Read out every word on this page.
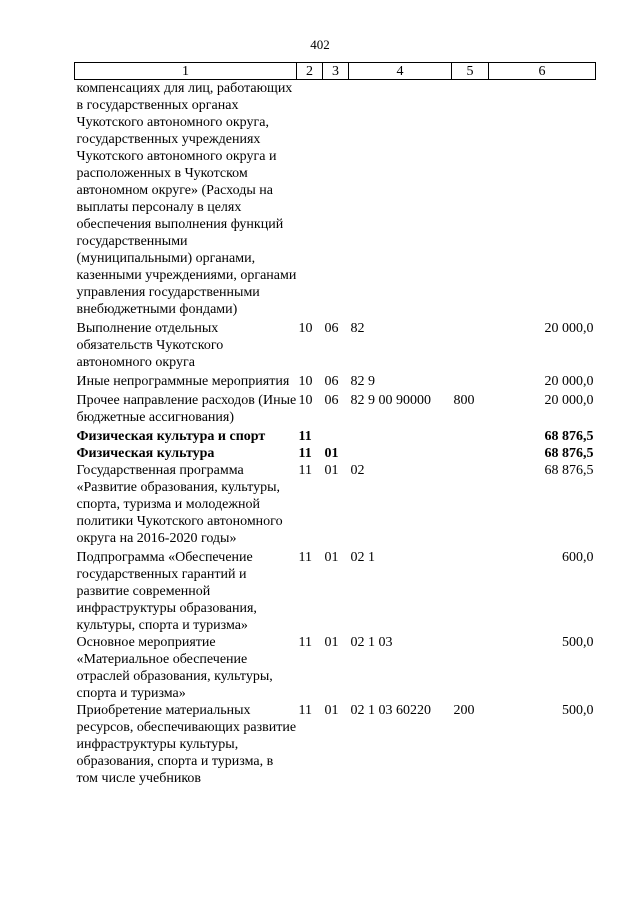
402
1	2	3	4	5	6
компенсациях для лиц, работающих в государственных органах Чукотского автономного округа, государственных учреждениях Чукотского автономного округа и расположенных в Чукотском автономном округе» (Расходы на выплаты персоналу в целях обеспечения выполнения функций государственными (муниципальными) органами, казенными учреждениями, органами управления государственными внебюджетными фондами)					
Выполнение отдельных обязательств Чукотского автономного округа	10	06	82		20 000,0
Иные непрограммные мероприятия	10	06	82 9		20 000,0
Прочее направление расходов (Иные бюджетные ассигнования)	10	06	82 9 00 90000	800	20 000,0
Физическая культура и спорт	11				68 876,5
Физическая культура	11	01			68 876,5
Государственная программа «Развитие образования, культуры, спорта, туризма и молодежной политики Чукотского автономного округа на 2016-2020 годы»	11	01	02		68 876,5
Подпрограмма «Обеспечение государственных гарантий и развитие современной инфраструктуры образования, культуры, спорта и туризма»	11	01	02 1		600,0
Основное мероприятие «Материальное обеспечение отраслей образования, культуры, спорта и туризма»	11	01	02 1 03		500,0
Приобретение материальных ресурсов, обеспечивающих развитие инфраструктуры культуры, образования, спорта и туризма, в том числе учебников	11	01	02 1 03 60220	200	500,0
